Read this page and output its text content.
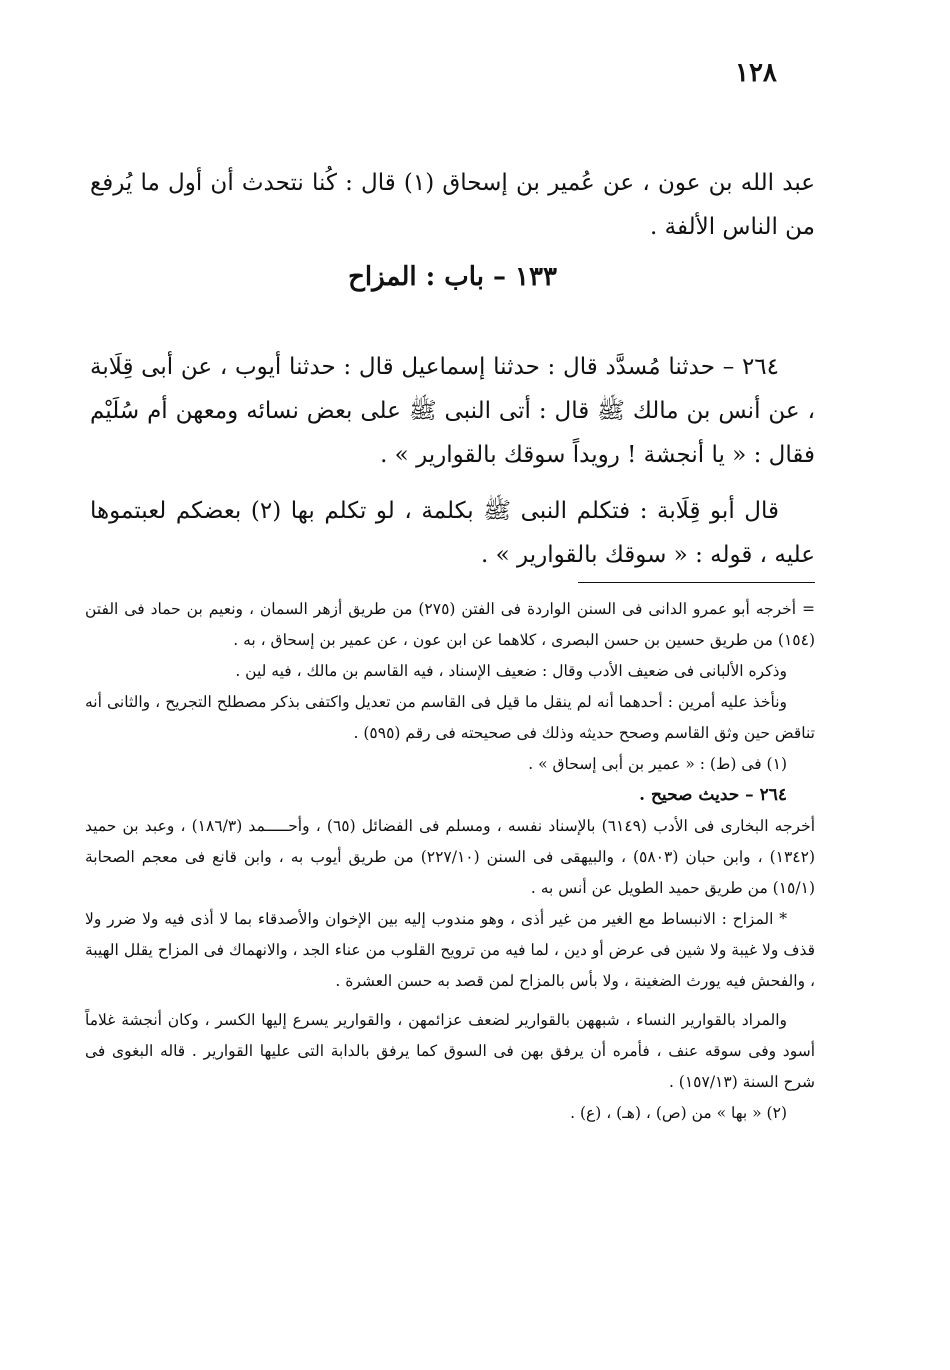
١٢٨

عبد الله بن عون ، عن عُمير بن إسحاق (١) قال : كُنا نتحدث أن أول ما يُرفع من الناس الألفة .

١٣٣ – باب : المزاح

٢٦٤ – حدثنا مُسدَّد قال : حدثنا إسماعيل قال : حدثنا أيوب ، عن أبى قِلَابة ، عن أنس بن مالك ﷺ قال : أتى النبى ﷺ على بعض نسائه ومعهن أم سُلَيْم فقال : « يا أنجشة ! رويداً سوقك بالقوارير » .

قال أبو قِلَابة : فتكلم النبى ﷺ بكلمة ، لو تكلم بها (٢) بعضكم لعبتموها عليه ، قوله : « سوقك بالقوارير » .

= أخرجه أبو عمرو الدانى فى السنن الواردة فى الفتن (٢٧٥) من طريق أزهر السمان ، ونعيم بن حماد فى الفتن (١٥٤) من طريق حسين بن حسن البصرى ، كلاهما عن ابن عون ، عن عمير بن إسحاق ، به .

وذكره الألبانى فى ضعيف الأدب وقال : ضعيف الإسناد ، فيه القاسم بن مالك ، فيه لين .

ونأخذ عليه أمرين : أحدهما أنه لم ينقل ما قيل فى القاسم من تعديل واكتفى بذكر مصطلح التجريح ، والثانى أنه تناقض حين وثق القاسم وصحح حديثه وذلك فى صحيحته فى رقم (٥٩٥) .

(١) فى (ط) : « عمير بن أبى إسحاق » .

٢٦٤ – حديث صحيح .

أخرجه البخارى فى الأدب (٦١٤٩) بالإسناد نفسه ، ومسلم فى الفضائل (٦٥) ، وأحـــــمد (١٨٦/٣) ، وعبد بن حميد (١٣٤٢) ، وابن حبان (٥٨٠٣) ، والبيهقى فى السنن (٢٢٧/١٠) من طريق أيوب به ، وابن قانع فى معجم الصحابة (١٥/١) من طريق حميد الطويل عن أنس به .

* المزاح : الانبساط مع الغير من غير أذى ، وهو مندوب إليه بين الإخوان والأصدقاء بما لا أذى فيه ولا ضرر ولا قذف ولا غيبة ولا شين فى عرض أو دين ، لما فيه من ترويح القلوب من عناء الجد ، والانهماك فى المزاح يقلل الهيبة ، والفحش فيه يورث الضغينة ، ولا بأس بالمزاح لمن قصد به حسن العشرة .

والمراد بالقوارير النساء ، شبههن بالقوارير لضعف عزائمهن ، والقوارير يسرع إليها الكسر ، وكان أنجشة غلاماً أسود وفى سوقه عنف ، فأمره أن يرفق بهن فى السوق كما يرفق بالدابة التى عليها القوارير . قاله البغوى فى شرح السنة (١٥٧/١٣) .

(٢) « بها » من (ص) ، (هـ) ، (ع) .
